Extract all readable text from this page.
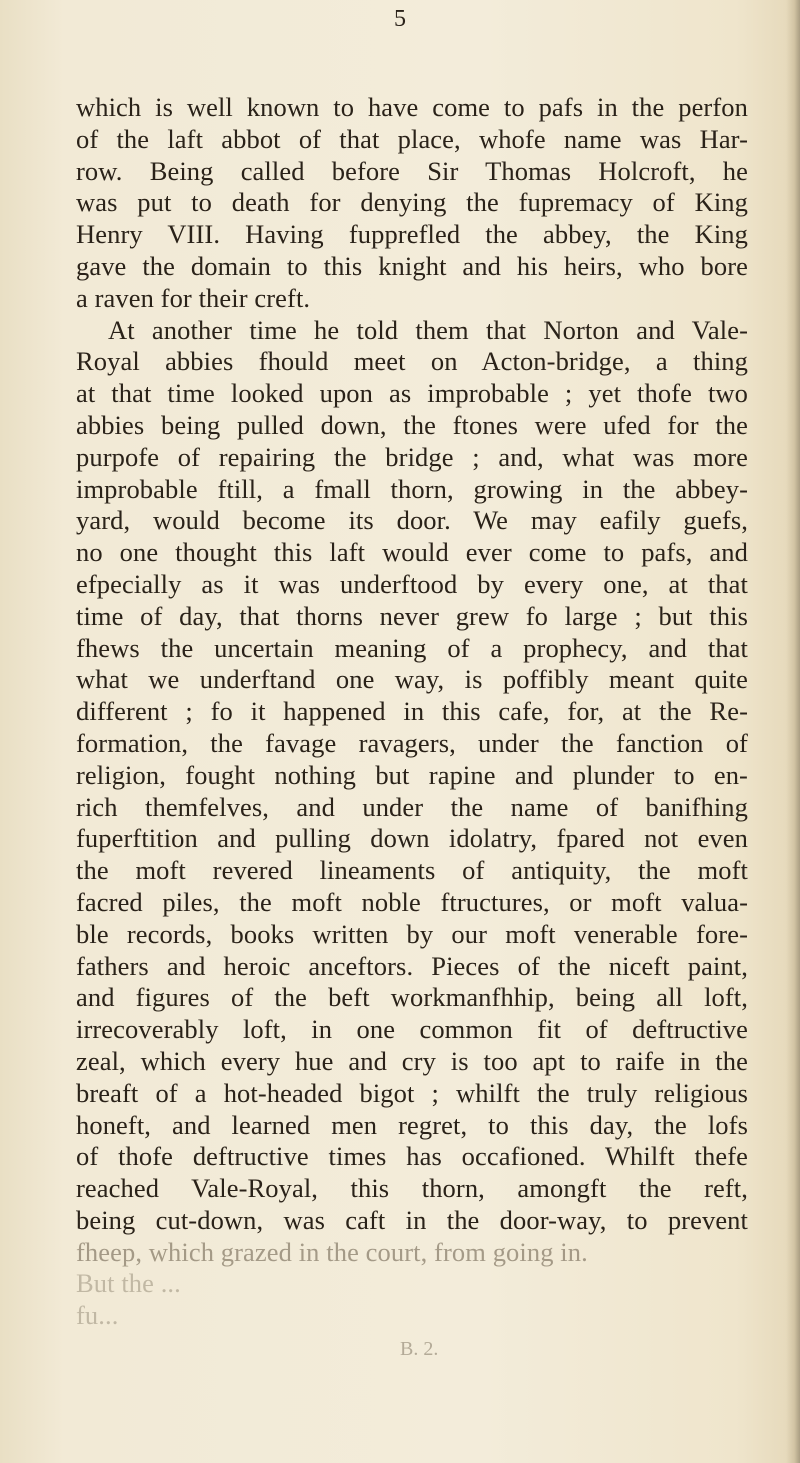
5
which is well known to have come to pafs in the perfon
of the laft abbot of that place, whofe name was Har-
row. Being called before Sir Thomas Holcroft, he
was put to death for denying the fupremacy of King
Henry VIII. Having fupprefled the abbey, the King
gave the domain to this knight and his heirs, who bore
a raven for their creft.
At another time he told them that Norton and Vale-
Royal abbies fhould meet on Acton-bridge, a thing
at that time looked upon as improbable ; yet thofe two
abbies being pulled down, the ftones were ufed for the
purpofe of repairing the bridge ; and, what was more
improbable ftill, a fmall thorn, growing in the abbey-
yard, would become its door. We may eafily guefs,
no one thought this laft would ever come to pafs, and
efpecially as it was underftood by every one, at that
time of day, that thorns never grew fo large ; but this
fhews the uncertain meaning of a prophecy, and that
what we underftand one way, is poffibly meant quite
different ; fo it happened in this cafe, for, at the Re-
formation, the favage ravagers, under the fanction of
religion, fought nothing but rapine and plunder to en-
rich themfelves, and under the name of banifhing
fuperftition and pulling down idolatry, fpared not even
the moft revered lineaments of antiquity, the moft
facred piles, the moft noble ftructures, or moft valua-
ble records, books written by our moft venerable fore-
fathers and heroic anceftors. Pieces of the niceft paint,
and figures of the beft workmanfhhip, being all loft,
irrecoverably loft, in one common fit of deftructive
zeal, which every hue and cry is too apt to raife in the
breaft of a hot-headed bigot ; whilft the truly religious
honeft, and learned men regret, to this day, the lofs
of thofe deftructive times has occafioned. Whilft thefe
reached Vale-Royal, this thorn, amongft the reft,
being cut-down, was caft in the door-way, to prevent
fheep, which grazed in the court, from going in.
But the ...
fu...
B. 2.
